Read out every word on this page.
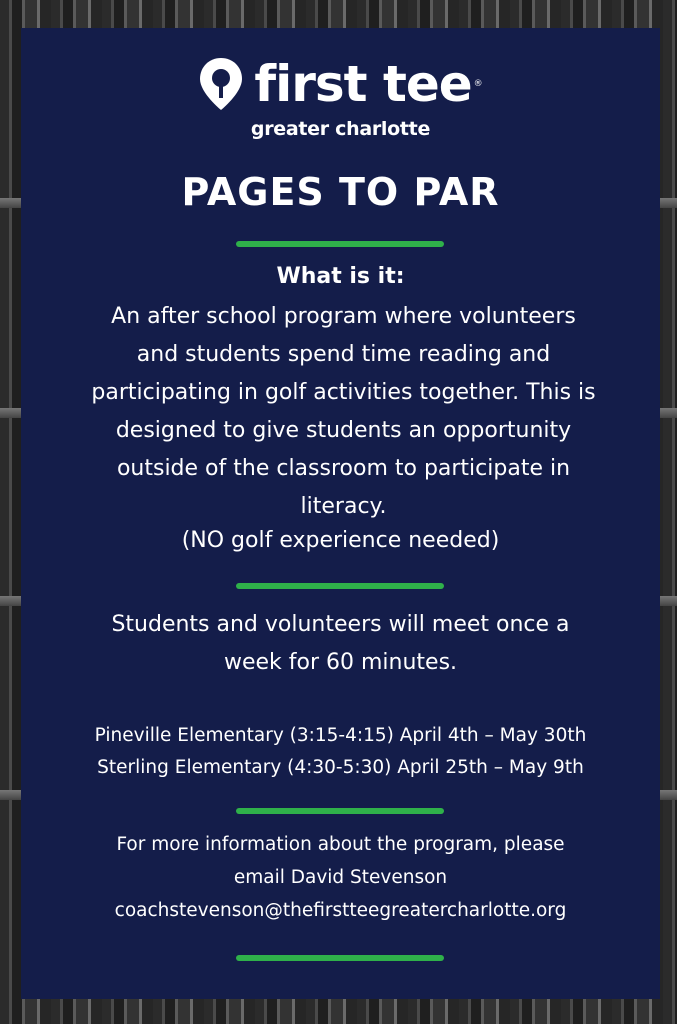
first tee ®
greater charlotte
PAGES TO PAR
What is it:
An after school program where volunteers
and students spend time reading and
participating in golf activities together. This is
designed to give students an opportunity
outside of the classroom to participate in
literacy.
(NO golf experience needed)
Students and volunteers will meet once a
week for 60 minutes.
Pineville Elementary (3:15-4:15) April 4th – May 30th
Sterling Elementary (4:30-5:30) April 25th – May 9th
For more information about the program, please
email David Stevenson
coachstevenson@thefirstteegreatercharlotte.org
